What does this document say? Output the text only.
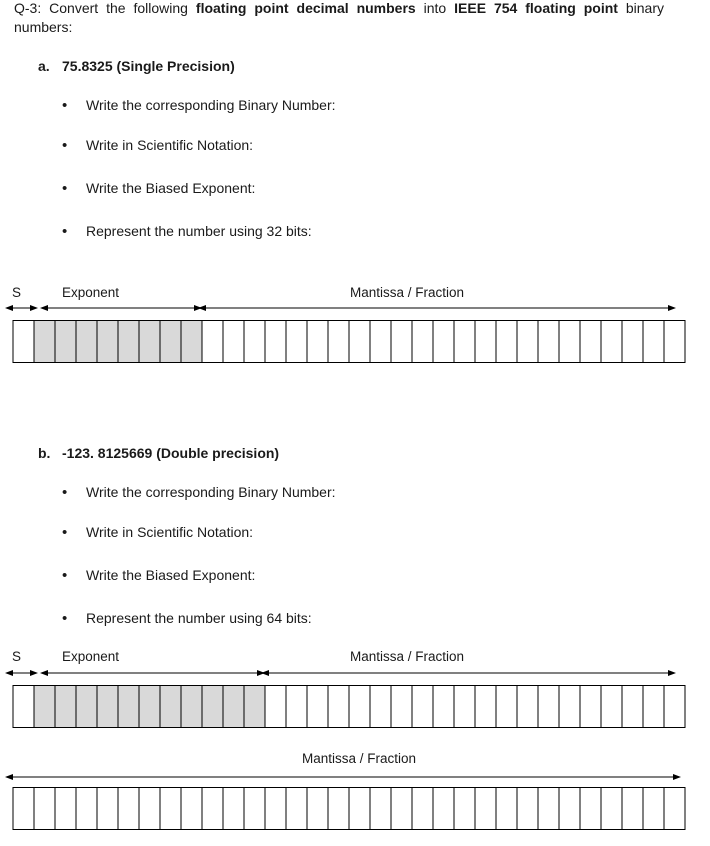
Q-3: Convert the following floating point decimal numbers into IEEE 754 floating point binary numbers:
a. 75.8325 (Single Precision)
• Write the corresponding Binary Number:
• Write in Scientific Notation:
• Write the Biased Exponent:
• Represent the number using 32 bits:
S	Exponent	Mantissa / Fraction
b. -123. 8125669 (Double precision)
• Write the corresponding Binary Number:
• Write in Scientific Notation:
• Write the Biased Exponent:
• Represent the number using 64 bits:
S	Exponent	Mantissa / Fraction
Mantissa / Fraction
